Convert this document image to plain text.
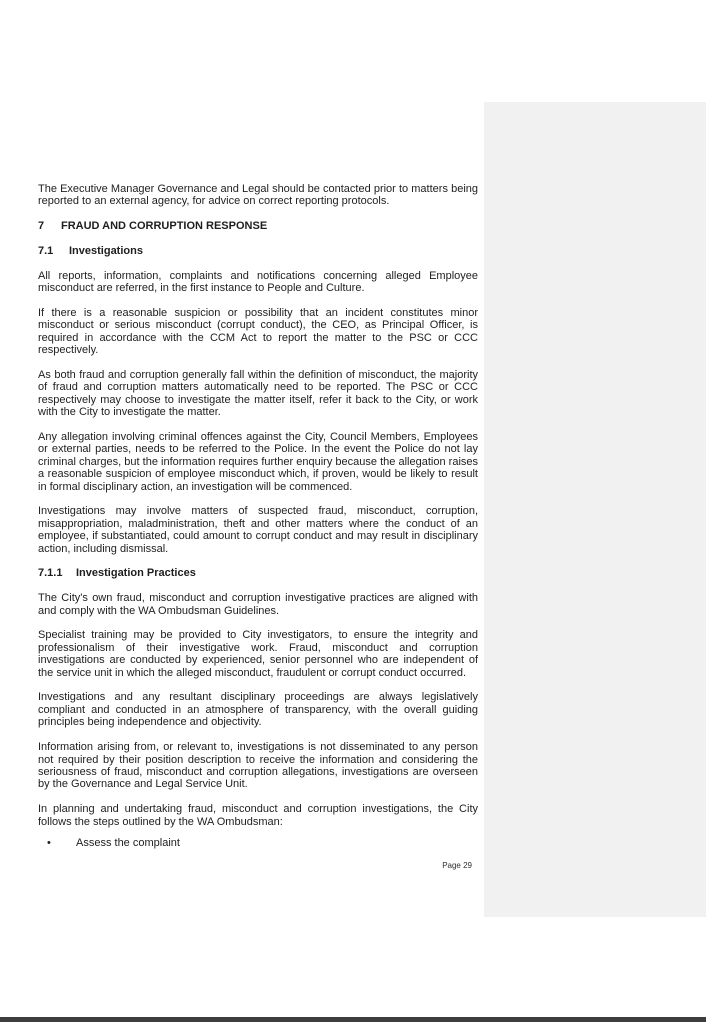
The Executive Manager Governance and Legal should be contacted prior to matters being reported to an external agency, for advice on correct reporting protocols.

7 FRAUD AND CORRUPTION RESPONSE
7.1 Investigations

All reports, information, complaints and notifications concerning alleged Employee misconduct are referred, in the first instance to People and Culture.

If there is a reasonable suspicion or possibility that an incident constitutes minor misconduct or serious misconduct (corrupt conduct), the CEO, as Principal Officer, is required in accordance with the CCM Act to report the matter to the PSC or CCC respectively.

As both fraud and corruption generally fall within the definition of misconduct, the majority of fraud and corruption matters automatically need to be reported. The PSC or CCC respectively may choose to investigate the matter itself, refer it back to the City, or work with the City to investigate the matter.

Any allegation involving criminal offences against the City, Council Members, Employees or external parties, needs to be referred to the Police. In the event the Police do not lay criminal charges, but the information requires further enquiry because the allegation raises a reasonable suspicion of employee misconduct which, if proven, would be likely to result in formal disciplinary action, an investigation will be commenced.

Investigations may involve matters of suspected fraud, misconduct, corruption, misappropriation, maladministration, theft and other matters where the conduct of an employee, if substantiated, could amount to corrupt conduct and may result in disciplinary action, including dismissal.

7.1.1 Investigation Practices

The City's own fraud, misconduct and corruption investigative practices are aligned with and comply with the WA Ombudsman Guidelines.

Specialist training may be provided to City investigators, to ensure the integrity and professionalism of their investigative work. Fraud, misconduct and corruption investigations are conducted by experienced, senior personnel who are independent of the service unit in which the alleged misconduct, fraudulent or corrupt conduct occurred.

Investigations and any resultant disciplinary proceedings are always legislatively compliant and conducted in an atmosphere of transparency, with the overall guiding principles being independence and objectivity.

Information arising from, or relevant to, investigations is not disseminated to any person not required by their position description to receive the information and considering the seriousness of fraud, misconduct and corruption allegations, investigations are overseen by the Governance and Legal Service Unit.

In planning and undertaking fraud, misconduct and corruption investigations, the City follows the steps outlined by the WA Ombudsman:

• Assess the complaint
Page 29
